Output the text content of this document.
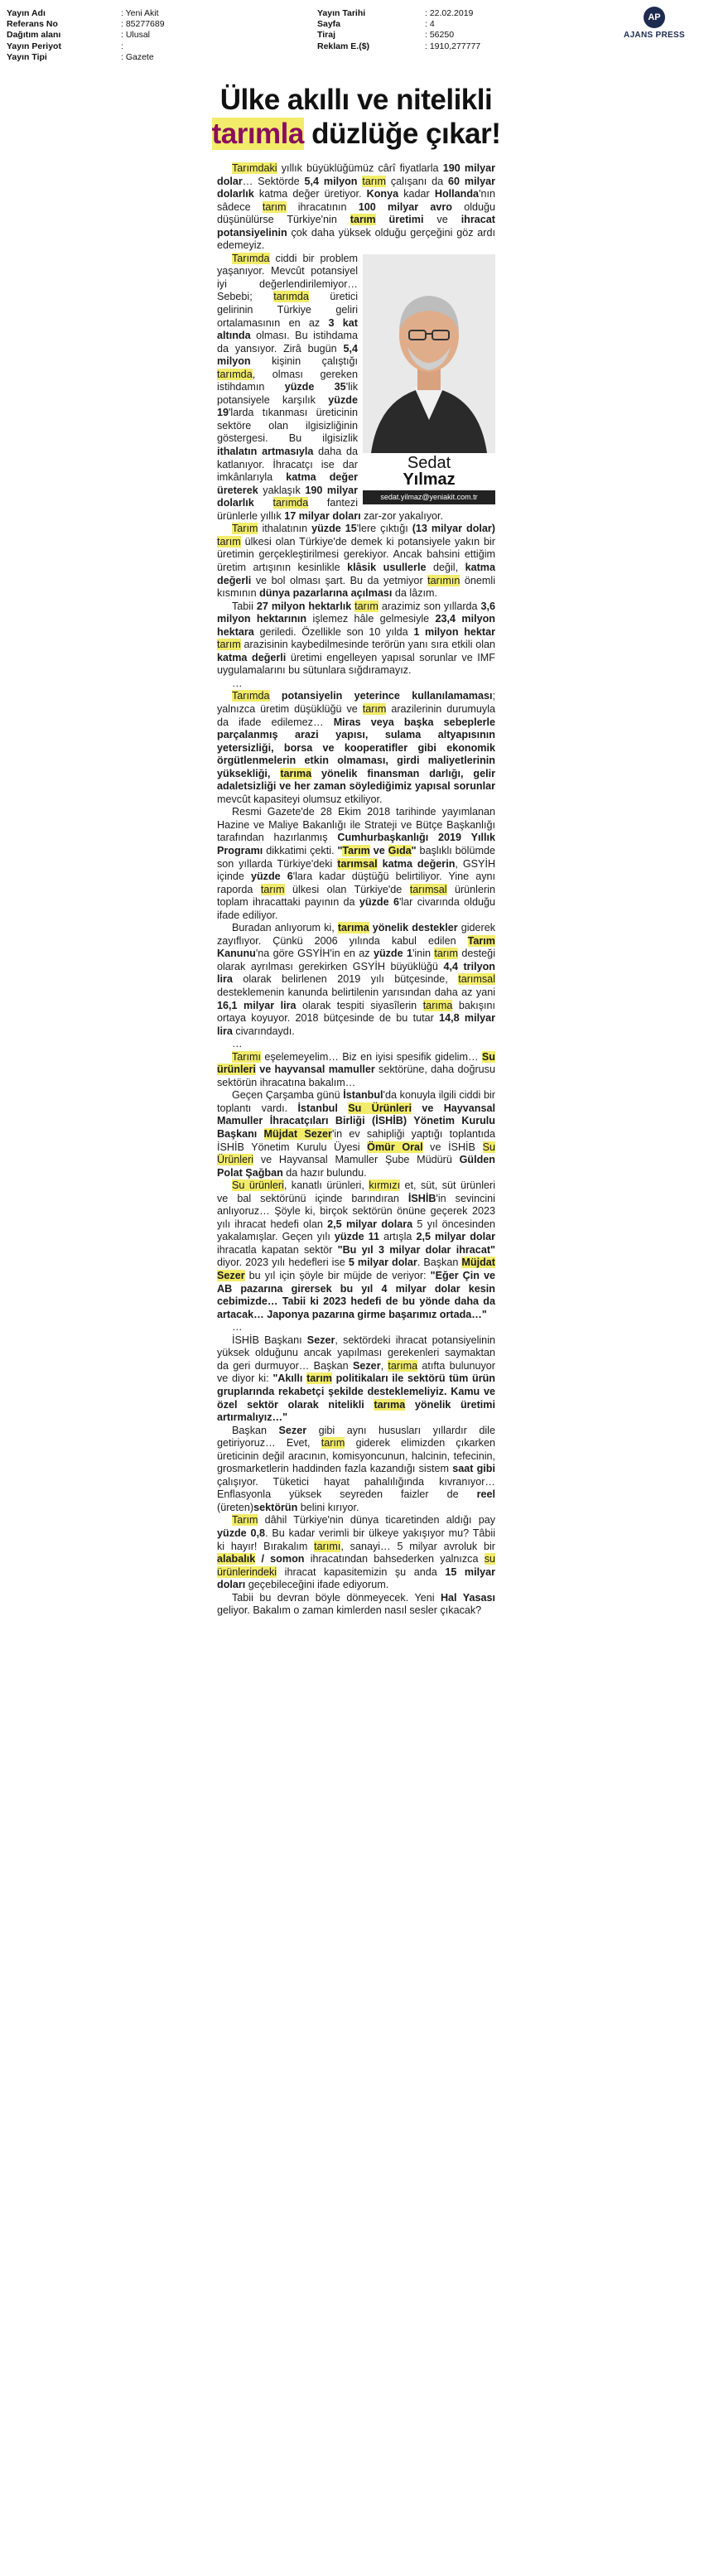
Yayın Adı	: Yeni Akit
Referans No	: 85277689
Dağıtım alanı	: Ulusal
Yayın Periyot	:
Yayın Tipi	: Gazete
Yayın Tarihi	: 22.02.2019
Sayfa	: 4
Tiraj	: 56250
Reklam E.($)	: 1910,277777
AP
AJANS PRESS
Ülke akıllı ve nitelikli
tarımla düzlüğe çıkar!

Tarımdaki yıllık büyüklüğümüz cârî fiyatlarla 190 milyar dolar… Sektörde 5,4 milyon tarım çalışanı da 60 milyar dolarlık katma değer üretiyor. Konya kadar Hollanda'nın sâdece tarım ihracatının 100 milyar avro olduğu düşünülürse Türkiye'nin tarım üretimi ve ihracat potansiyelinin çok daha yüksek olduğu gerçeğini göz ardı edemeyiz.

Sedat
Yılmaz
sedat.yilmaz@yeniakit.com.tr

Tarımda ciddi bir problem yaşanıyor. Mevcût potansiyel iyi değerlendirilemiyor… Sebebi; tarımda üretici gelirinin Türkiye geliri ortalamasının en az 3 kat altında olması. Bu istihdama da yansıyor. Zirâ bugün 5,4 milyon kişinin çalıştığı tarımda, olması gereken istihdamın yüzde 35'lik potansiyele karşılık yüzde 19'larda tıkanması üreticinin sektöre olan ilgisizliğinin göstergesi. Bu ilgisizlik ithalatın artmasıyla daha da katlanıyor. İhracatçı ise dar imkânlarıyla katma değer üreterek yaklaşık 190 milyar dolarlık tarımda fantezi ürünlerle yıllık 17 milyar doları zar-zor yakalıyor.

Tarım ithalatının yüzde 15'lere çıktığı (13 milyar dolar) tarım ülkesi olan Türkiye'de demek ki potansiyele yakın bir üretimin gerçekleştirilmesi gerekiyor. Ancak bahsini ettiğim üretim artışının kesinlikle klâsik usullerle değil, katma değerli ve bol olması şart. Bu da yetmiyor tarımın önemli kısmının dünya pazarlarına açılması da lâzım.

Tabii 27 milyon hektarlık tarım arazimiz son yıllarda 3,6 milyon hektarının işlemez hâle gelmesiyle 23,4 milyon hektara geriledi. Özellikle son 10 yılda 1 milyon hektar tarım arazisinin kaybedilmesinde terörün yanı sıra etkili olan katma değerli üretimi engelleyen yapısal sorunlar ve IMF uygulamalarını bu sütunlara sığdıramayız.

…

Tarımda potansiyelin yeterince kullanılamaması; yalnızca üretim düşüklüğü ve tarım arazilerinin durumuyla da ifade edilemez… Miras veya başka sebeplerle parçalanmış arazi yapısı, sulama altyapısının yetersizliği, borsa ve kooperatifler gibi ekonomik örgütlenmelerin etkin olmaması, girdi maliyetlerinin yüksekliği, tarıma yönelik finansman darlığı, gelir adaletsizliği ve her zaman söylediğimiz yapısal sorunlar mevcût kapasiteyi olumsuz etkiliyor.

Resmi Gazete'de 28 Ekim 2018 tarihinde yayımlanan Hazine ve Maliye Bakanlığı ile Strateji ve Bütçe Başkanlığı tarafından hazırlanmış Cumhurbaşkanlığı 2019 Yıllık Programı dikkatimi çekti. "Tarım ve Gıda" başlıklı bölümde son yıllarda Türkiye'deki tarımsal katma değerin, GSYİH içinde yüzde 6'lara kadar düştüğü belirtiliyor. Yine aynı raporda tarım ülkesi olan Türkiye'de tarımsal ürünlerin toplam ihracattaki payının da yüzde 6'lar civarında olduğu ifade ediliyor.

Buradan anlıyorum ki, tarıma yönelik destekler giderek zayıflıyor. Çünkü 2006 yılında kabul edilen Tarım Kanunu'na göre GSYİH'in en az yüzde 1'inin tarım desteği olarak ayrılması gerekirken GSYİH büyüklüğü 4,4 trilyon lira olarak belirlenen 2019 yılı bütçesinde, tarımsal desteklemenin kanunda belirtilenin yarısından daha az yani 16,1 milyar lira olarak tespiti siyasîlerin tarıma bakışını ortaya koyuyor. 2018 bütçesinde de bu tutar 14,8 milyar lira civarındaydı.

…

Tarımı eşelemeyelim… Biz en iyisi spesifik gidelim… Su ürünleri ve hayvansal mamuller sektörüne, daha doğrusu sektörün ihracatına bakalım…

Geçen Çarşamba günü İstanbul'da konuyla ilgili ciddi bir toplantı vardı. İstanbul Su Ürünleri ve Hayvansal Mamuller İhracatçıları Birliği (İSHİB) Yönetim Kurulu Başkanı Müjdat Sezer'in ev sahipliği yaptığı toplantıda İSHİB Yönetim Kurulu Üyesi Ömür Oral ve İSHİB Su Ürünleri ve Hayvansal Mamuller Şube Müdürü Gülden Polat Şağban da hazır bulundu.

Su ürünleri, kanatlı ürünleri, kırmızı et, süt, süt ürünleri ve bal sektörünü içinde barındıran İSHİB'in sevincini anlıyoruz… Şöyle ki, birçok sektörün önüne geçerek 2023 yılı ihracat hedefi olan 2,5 milyar dolara 5 yıl öncesinden yakalamışlar. Geçen yılı yüzde 11 artışla 2,5 milyar dolar ihracatla kapatan sektör "Bu yıl 3 milyar dolar ihracat" diyor. 2023 yılı hedefleri ise 5 milyar dolar. Başkan Müjdat Sezer bu yıl için şöyle bir müjde de veriyor: "Eğer Çin ve AB pazarına girersek bu yıl 4 milyar dolar kesin cebimizde… Tabii ki 2023 hedefi de bu yönde daha da artacak… Japonya pazarına girme başarımız ortada…"

…

İSHİB Başkanı Sezer, sektördeki ihracat potansiyelinin yüksek olduğunu ancak yapılması gerekenleri saymaktan da geri durmuyor… Başkan Sezer, tarıma atıfta bulunuyor ve diyor ki: "Akıllı tarım politikaları ile sektörü tüm ürün gruplarında rekabetçi şekilde desteklemeliyiz. Kamu ve özel sektör olarak nitelikli tarıma yönelik üretimi artırmalıyız…"

Başkan Sezer gibi aynı hususları yıllardır dile getiriyoruz… Evet, tarım giderek elimizden çıkarken üreticinin değil aracının, komisyoncunun, halcinin, tefecinin, grosmarketlerin haddinden fazla kazandığı sistem saat gibi çalışıyor. Tüketici hayat pahalılığında kıvranıyor… Enflasyonla yüksek seyreden faizler de reel (üreten)sektörün belini kırıyor.

Tarım dâhil Türkiye'nin dünya ticaretinden aldığı pay yüzde 0,8. Bu kadar verimli bir ülkeye yakışıyor mu? Tâbii ki hayır! Bırakalım tarımı, sanayi… 5 milyar avroluk bir alabalık / somon ihracatından bahsederken yalnızca su ürünlerindeki ihracat kapasitemizin şu anda 15 milyar doları geçebileceğini ifade ediyorum.

Tabii bu devran böyle dönmeyecek. Yeni Hal Yasası geliyor. Bakalım o zaman kimlerden nasıl sesler çıkacak?
